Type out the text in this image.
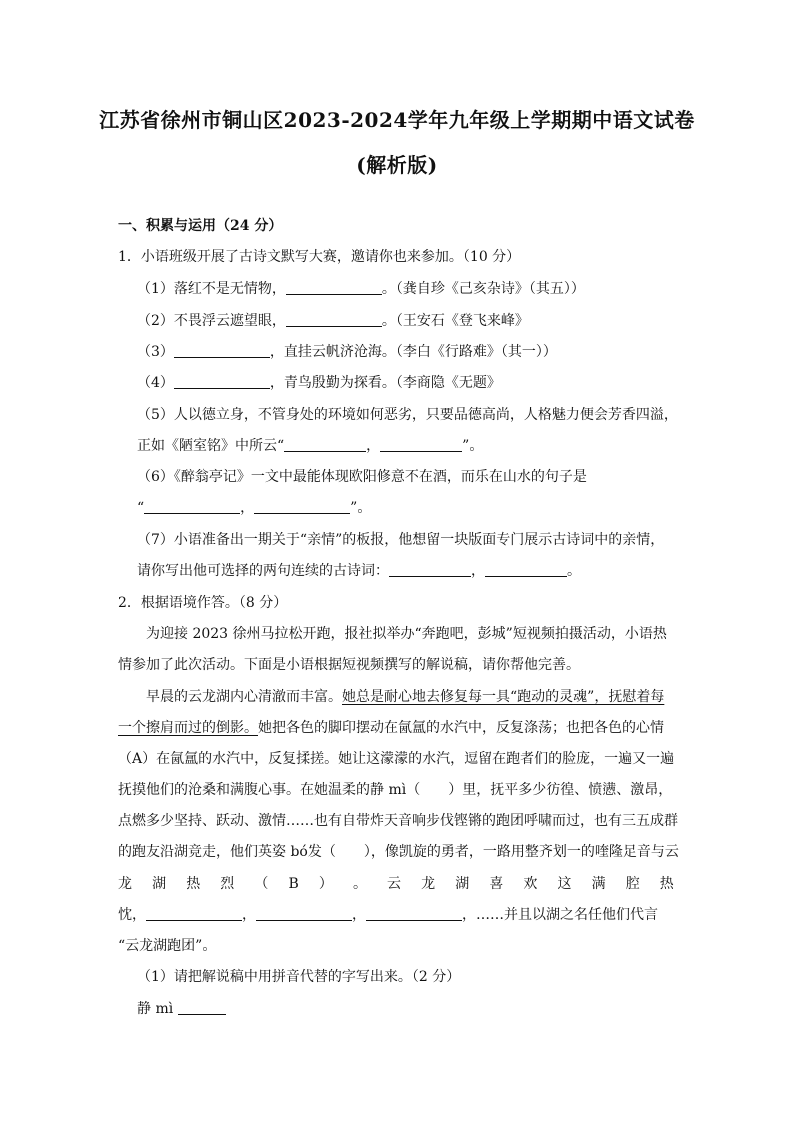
江苏省徐州市铜山区2023-2024学年九年级上学期期中语文试卷
(解析版)
一、积累与运用（24 分）
1．小语班级开展了古诗文默写大赛，邀请你也来参加。（10 分）
（1）落红不是无情物，	。（龚自珍《己亥杂诗》（其五））
（2）不畏浮云遮望眼，	。（王安石《登飞来峰》
（3）	，直挂云帆济沧海。（李白《行路难》（其一））
（4）	，青鸟殷勤为探看。（李商隐《无题》
（5）人以德立身，不管身处的环境如何恶劣，只要品德高尚，人格魅力便会芳香四溢，
正如《陋室铭》中所云“	，	”。
（6）《醉翁亭记》一文中最能体现欧阳修意不在酒，而乐在山水的句子是
“	，	”。
（7）小语准备出一期关于“亲情”的板报，他想留一块版面专门展示古诗词中的亲情，
请你写出他可选择的两句连续的古诗词：	，	。
2．根据语境作答。（8 分）
为迎接 2023 徐州马拉松开跑，报社拟举办“奔跑吧，彭城”短视频拍摄活动，小语热
情参加了此次活动。下面是小语根据短视频撰写的解说稿，请你帮他完善。
早晨的云龙湖内心清澈而丰富。她总是耐心地去修复每一具“跑动的灵魂”，抚慰着每
一个擦肩而过的倒影。她把各色的脚印摆动在氤氲的水汽中，反复涤荡；也把各色的心情
（A）在氤氲的水汽中，反复揉搓。她让这濛濛的水汽，逗留在跑者们的脸庞，一遍又一遍
抚摸他们的沧桑和满腹心事。在她温柔的静 mì（　　）里，抚平多少彷徨、愤懑、激昂，
点燃多少坚持、跃动、激情……也有自带炸天音响步伐铿锵的跑团呼啸而过，也有三五成群
的跑友沿湖竞走，他们英姿 bó发（　　），像凯旋的勇者，一路用整齐划一的喹隆足音与云
龙 湖 热 烈 （ B ） 。 云 龙 湖 喜 欢 这 满 腔 热
忱，	，	，	，……并且以湖之名任他们代言
“云龙湖跑团”。
（1）请把解说稿中用拼音代替的字写出来。（2 分）
静 mì
